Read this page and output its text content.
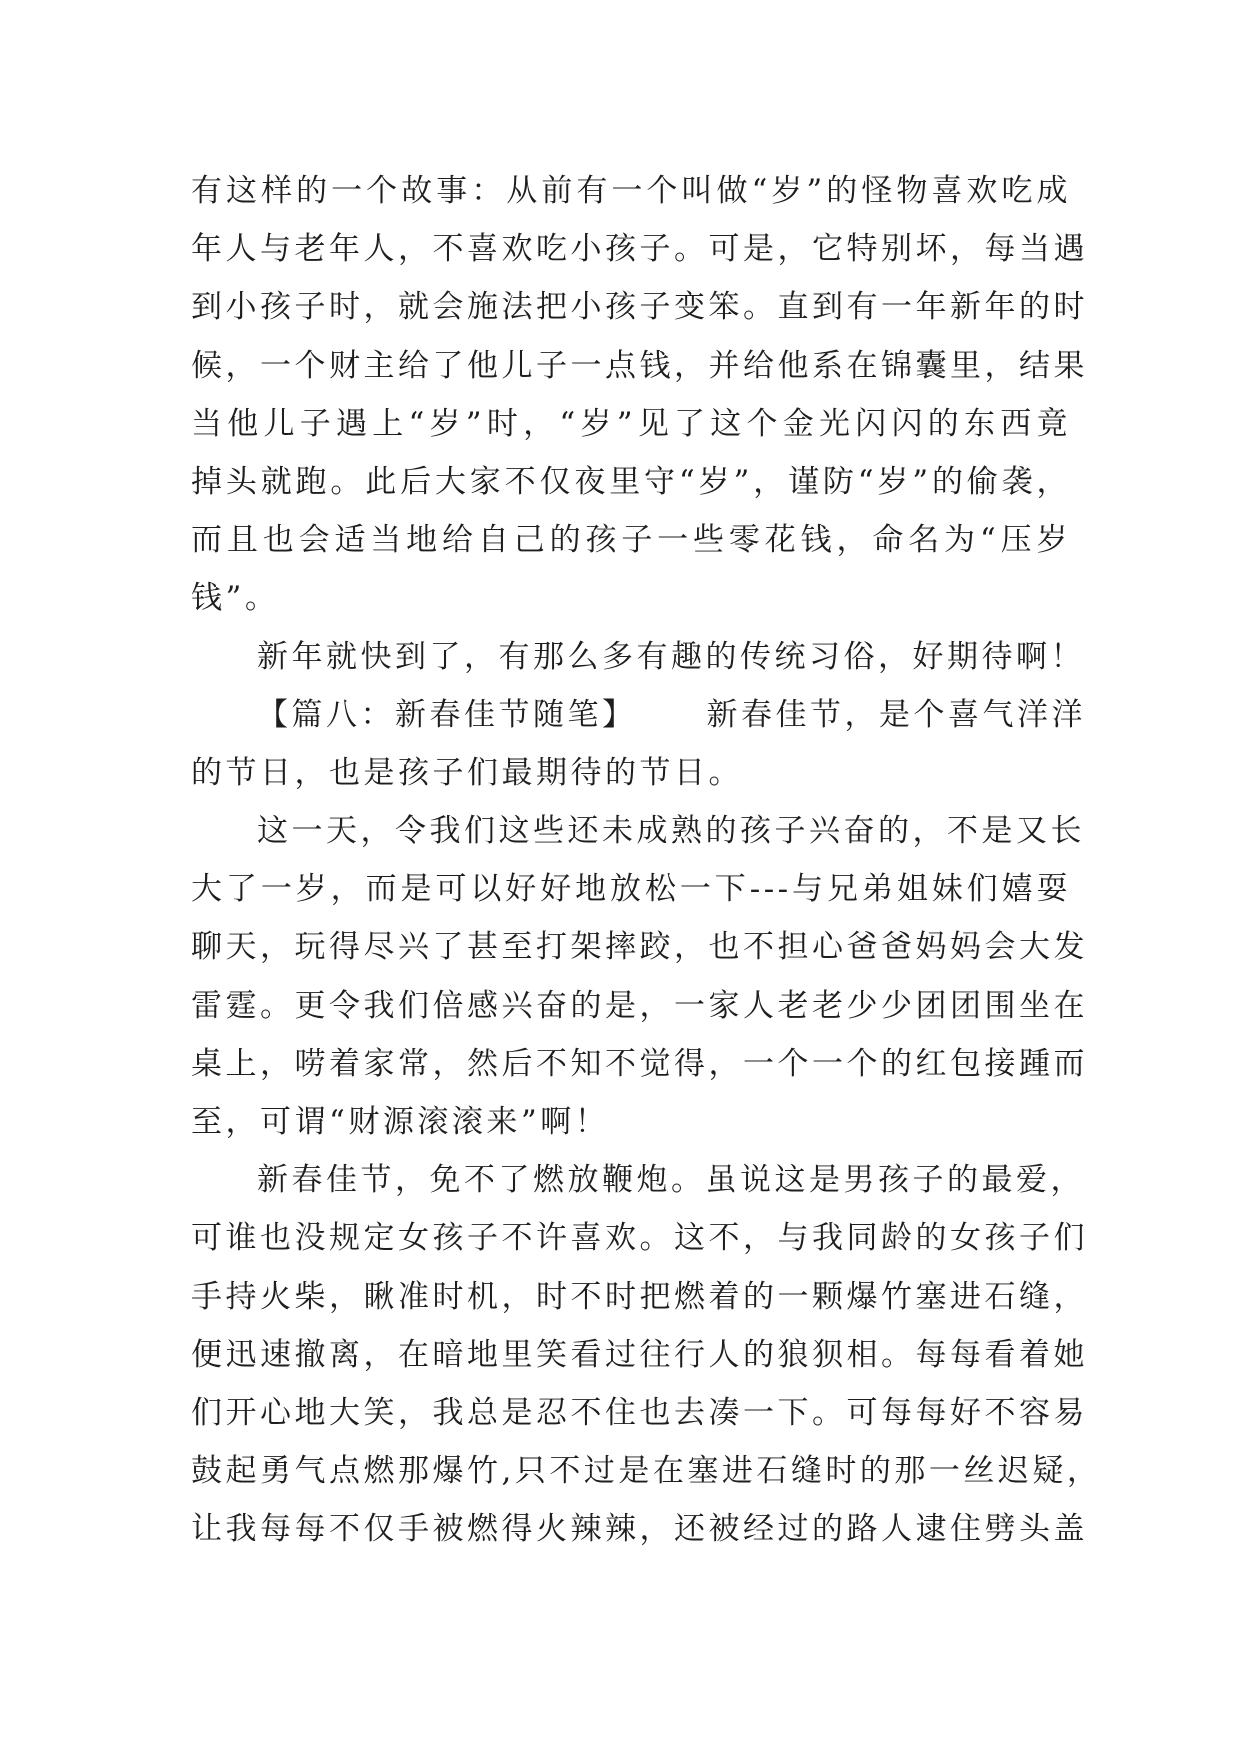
有这样的一个故事：从前有一个叫做“岁”的怪物喜欢吃成
年人与老年人，不喜欢吃小孩子。可是，它特别坏，每当遇
到小孩子时，就会施法把小孩子变笨。直到有一年新年的时
候，一个财主给了他儿子一点钱，并给他系在锦囊里，结果
当他儿子遇上“岁”时，“岁”见了这个金光闪闪的东西竟
掉头就跑。此后大家不仅夜里守“岁”，谨防“岁”的偷袭，
而且也会适当地给自己的孩子一些零花钱，命名为“压岁
钱”。
新年就快到了，有那么多有趣的传统习俗，好期待啊！
【篇八：新春佳节随笔】 新春佳节，是个喜气洋洋
的节日，也是孩子们最期待的节日。
这一天，令我们这些还未成熟的孩子兴奋的，不是又长
大了一岁，而是可以好好地放松一下---与兄弟姐妹们嬉耍
聊天，玩得尽兴了甚至打架摔跤，也不担心爸爸妈妈会大发
雷霆。更令我们倍感兴奋的是，一家人老老少少团团围坐在
桌上，唠着家常，然后不知不觉得，一个一个的红包接踵而
至，可谓“财源滚滚来”啊！
新春佳节，免不了燃放鞭炮。虽说这是男孩子的最爱，
可谁也没规定女孩子不许喜欢。这不，与我同龄的女孩子们
手持火柴，瞅准时机，时不时把燃着的一颗爆竹塞进石缝，
便迅速撤离，在暗地里笑看过往行人的狼狈相。每每看着她
们开心地大笑，我总是忍不住也去凑一下。可每每好不容易
鼓起勇气点燃那爆竹,只不过是在塞进石缝时的那一丝迟疑，
让我每每不仅手被燃得火辣辣，还被经过的路人逮住劈头盖
